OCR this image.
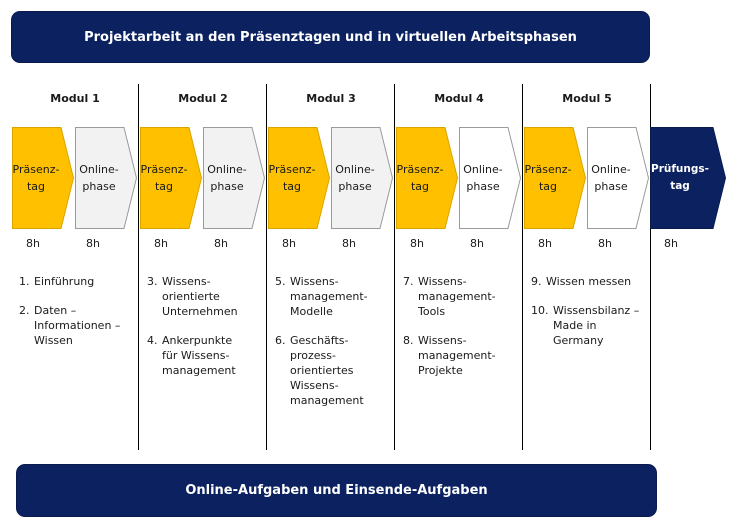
Projektarbeit an den Präsenztagen und in virtuellen Arbeitsphasen
Modul 1
Präsenz-
tag
Online-
phase
8h	8h
1. Einführung
2. Daten –
Informationen –
Wissen
Modul 2
Präsenz-
tag
Online-
phase
8h	8h
3. Wissens-
orientierte
Unternehmen
4. Ankerpunkte
für Wissens-
management
Modul 3
Präsenz-
tag
Online-
phase
8h	8h
5. Wissens-
management-
Modelle
6. Geschäfts-
prozess-
orientiertes
Wissens-
management
Modul 4
Präsenz-
tag
Online-
phase
8h	8h
7. Wissens-
management-
Tools
8. Wissens-
management-
Projekte
Modul 5
Präsenz-
tag
Online-
phase
8h	8h
9. Wissen messen
10. Wissensbilanz –
Made in
Germany
Prüfungs-
tag
8h
Online-Aufgaben und Einsende-Aufgaben
